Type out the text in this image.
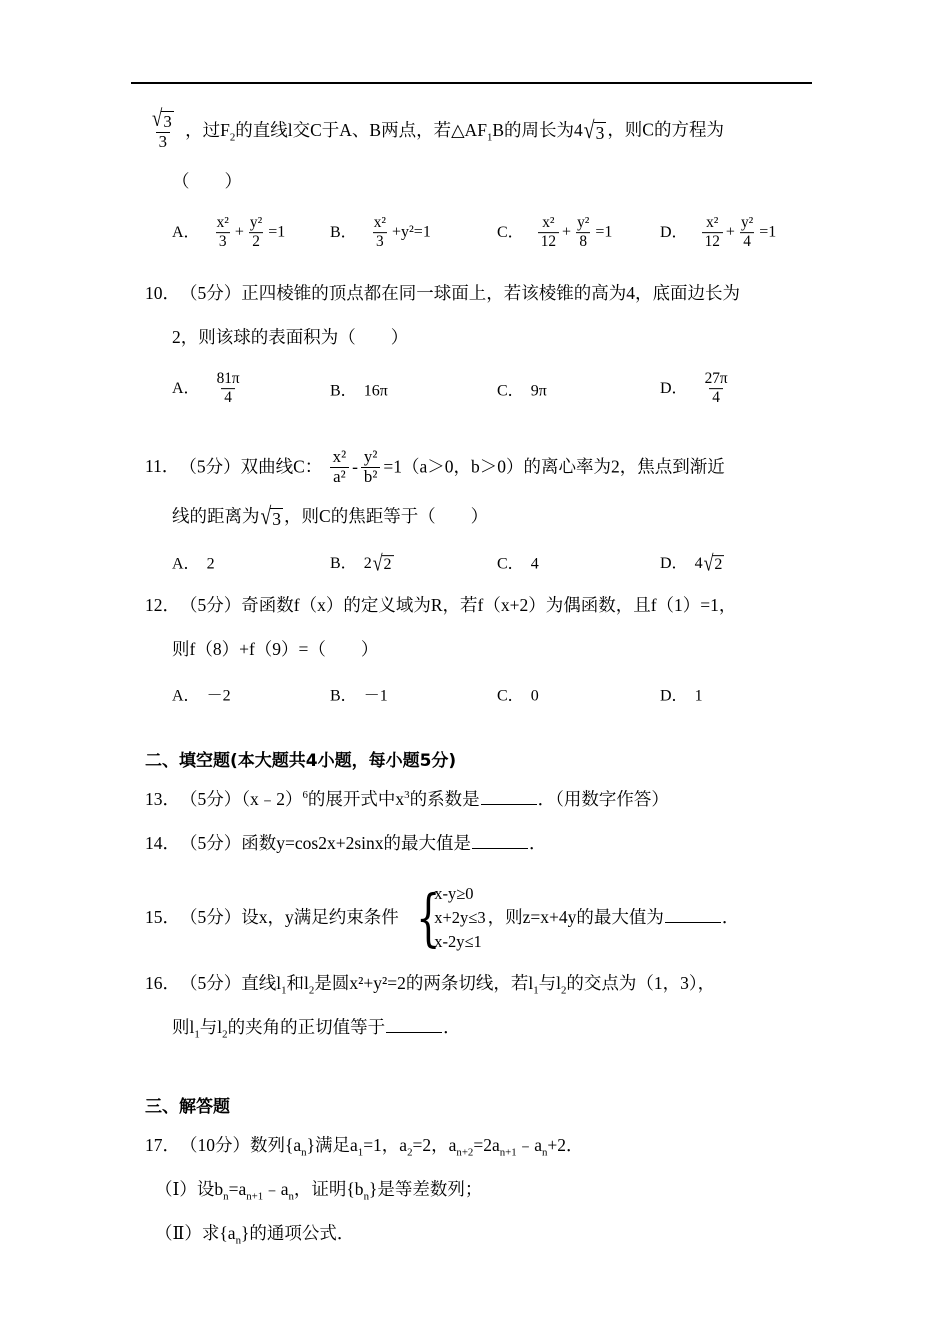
$\frac{√ 3}{3}$ ，过$F_2$的直线l交C于A、B两点，若$\triangle AF_1B$的周长为4 √ 3 ，则C的方程为
（　　）
A． $\frac{\text{x²}}{3} + \frac{\text{y²}}{2} =1$	B． $\frac{\text{x²}}{3} +y^2=1$	C． $\frac{\text{x²}}{12} + \frac{\text{y²}}{8} =1$	D． $\frac{\text{x²}}{12} + \frac{\text{y²}}{4} =1$
10．（5分）正四棱锥的顶点都在同一球面上，若该棱锥的高为4，底面边长为
2，则该球的表面积为（　　）
A． $\frac{81\pi}{4}$	B． 16π	C． 9π	D． $\frac{27\pi}{4}$
11．（5分）双曲线C： $\frac{\text{x²}}{\text{a²}} - \frac{\text{y²}}{\text{b²}} =1(a>0$，b＞0）的离心率为2，焦点到渐近
线的距离为 √ 3 ，则C的焦距等于（　　）
A． 2	B． 2 √ 2	C． 4	D． 4 √ 2
12．（5分）奇函数f（x）的定义域为R，若f（x+2）为偶函数，且f（1）=1，
则f（8）+f（9）=（　　）
A． －2	B． －1	C． 0	D． 1
二、填空题(本大题共4小题，每小题5分)
13．（5分）（x﹣2）$^6$的展开式中$x^3$的系数是	．（用数字作答）
14．（5分）函数y=cos2x+2sinx的最大值是	．
15．（5分）设x，y满足约束条件 {
x-y≥0
x+2y≤3
x-2y≤1
，则z=x+4y的最大值为	．
16．（5分）直线$l_1$和$l_2$是圆x²+y²=2的两条切线，若$l_1$与$l_2$的交点为（1，3），
则$l_1$与$l_2$的夹角的正切值等于	．
三、解答题
17．（10分）数列$\{a_n\}$满足$a_1=1$，$a_2=2$，$a_{n+2}=2a_{n+1}﹣a_n+2$．
（Ⅰ）设$b_n=a_{n+1}﹣a_n$，证明$\{b_n\}$是等差数列；
（Ⅱ）求$\{a_n\}$的通项公式．
